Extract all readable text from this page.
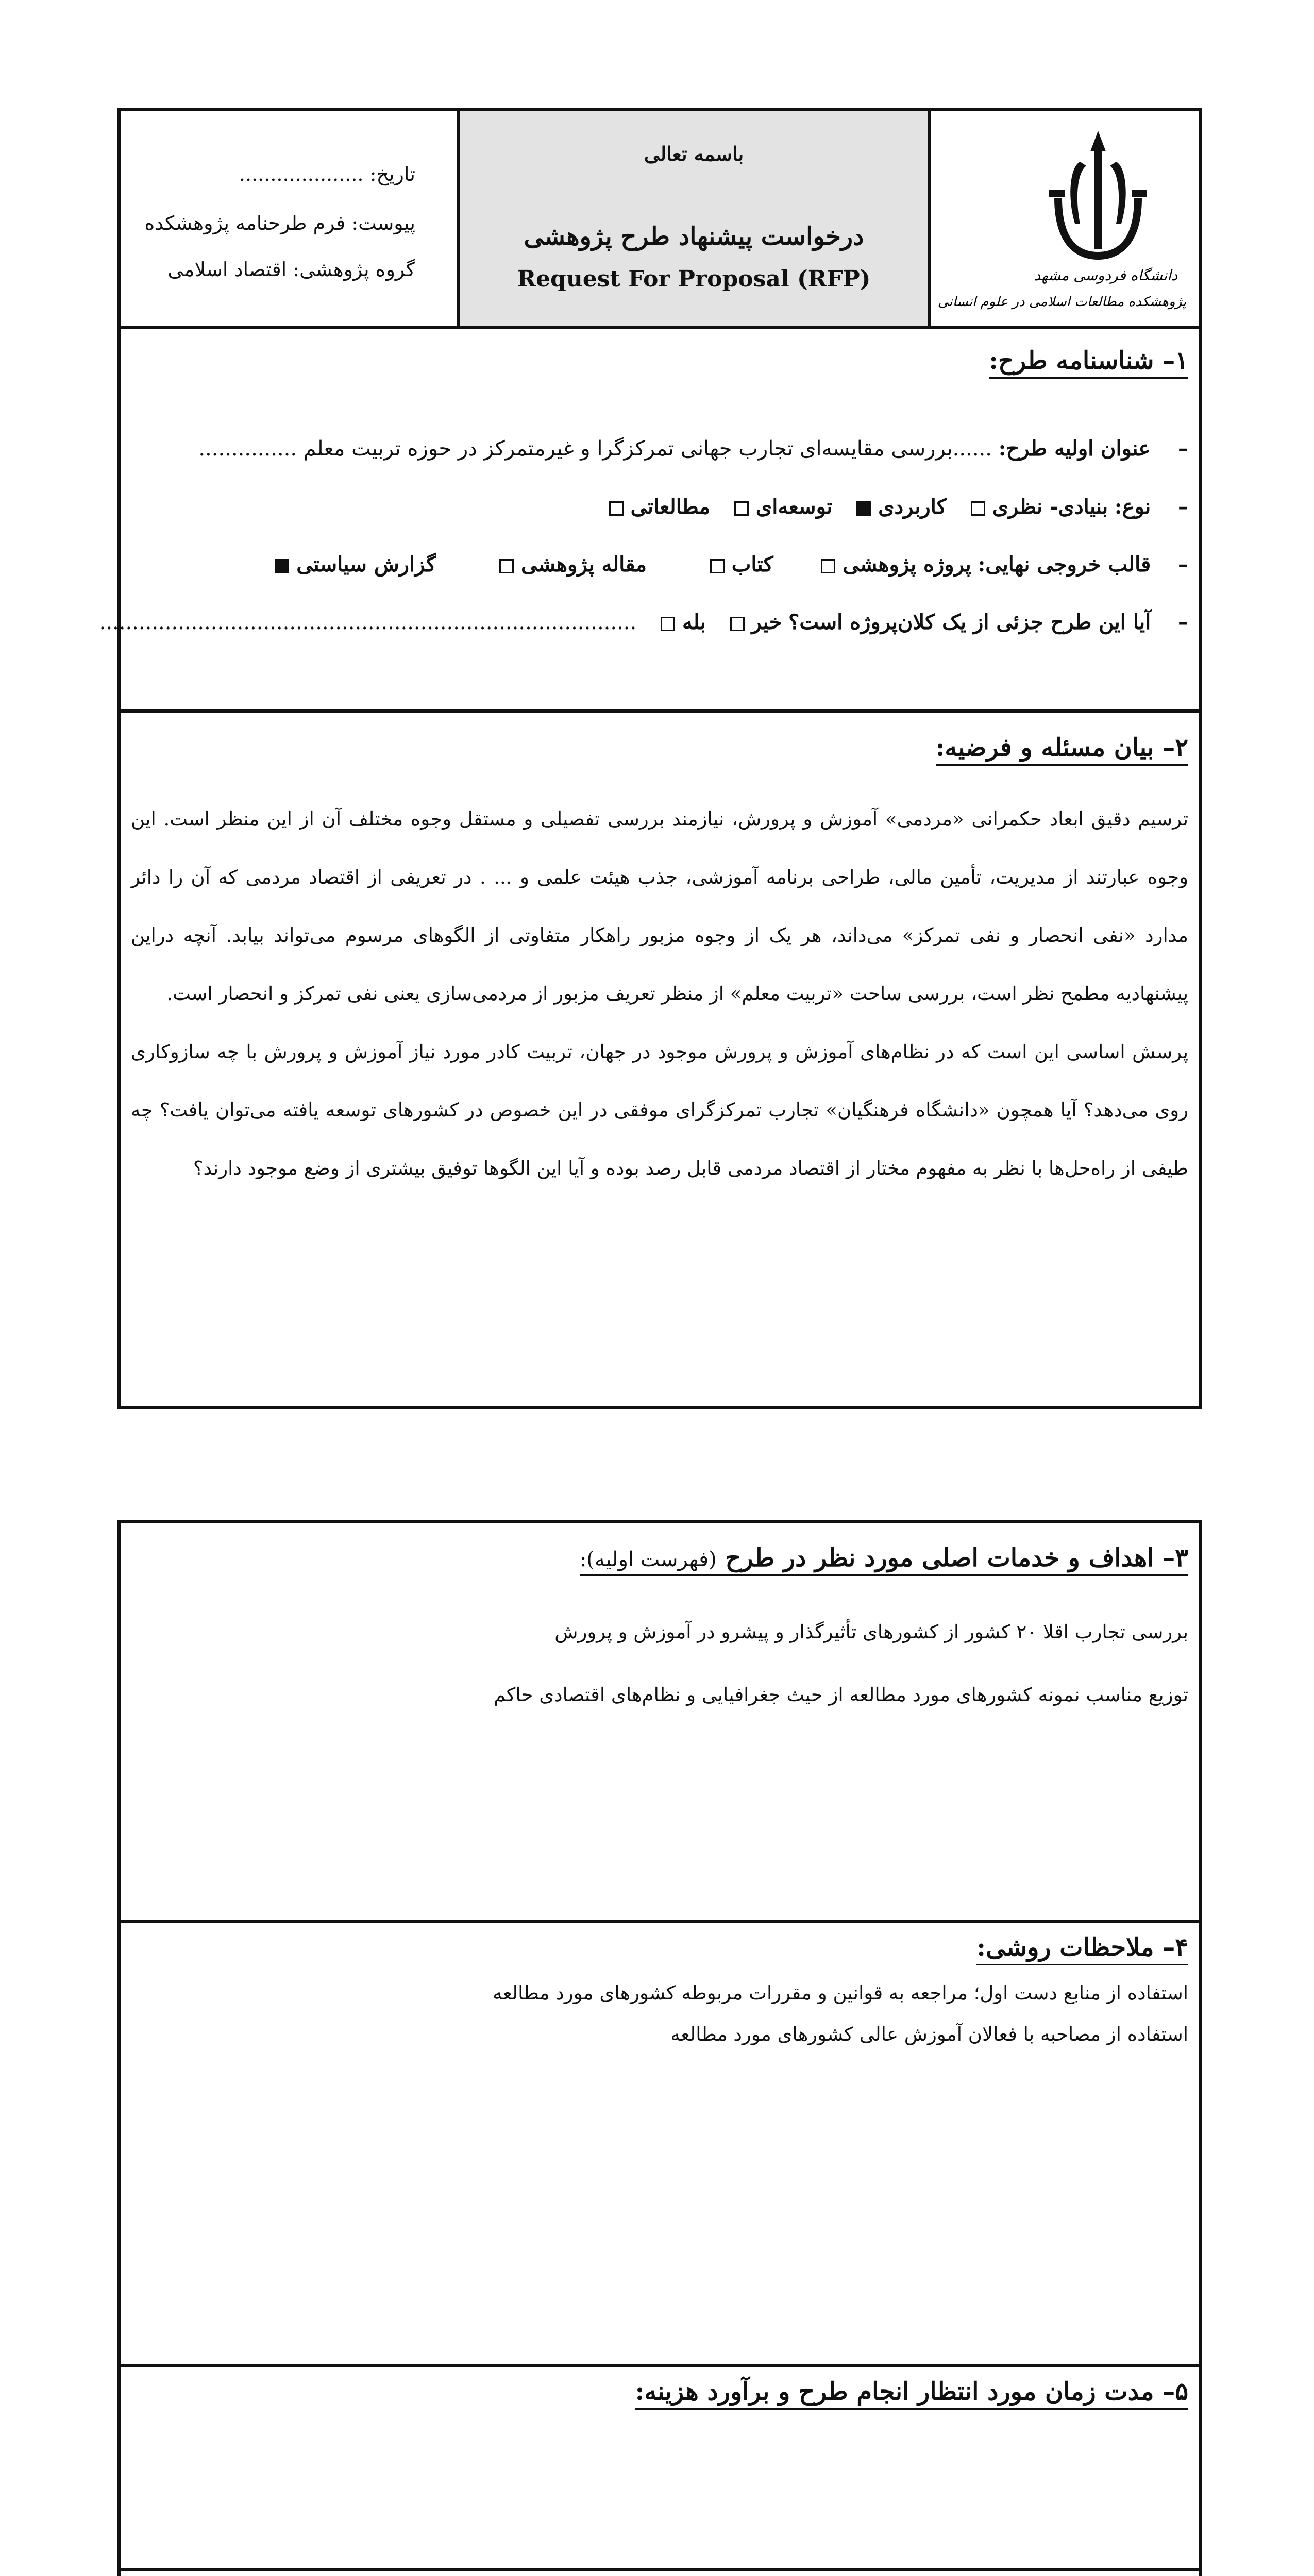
دانشگاه فردوسی مشهد
پژوهشکده مطالعات اسلامی در علوم انسانی
باسمه تعالی
درخواست پیشنهاد طرح پژوهشی
Request For Proposal (RFP)
تاریخ: ....................
پیوست: فرم طرحنامه پژوهشکده
گروه پژوهشی: اقتصاد اسلامی
۱– شناسنامه طرح:
– عنوان اولیه طرح: ......بررسی مقایسه‌ای تجارب جهانی تمرکزگرا و غیرمتمرکز در حوزه تربیت معلم ...............
– نوع: بنیادی- نظری کاربردی توسعه‌ای مطالعاتی
– قالب خروجی نهایی: پروژه پژوهشی کتاب مقاله پژوهشی گزارش سیاستی
– آیا این طرح جزئی از یک کلان‌پروژه است؟ خیر بله ..................................................................................
۲– بیان مسئله و فرضیه:
ترسیم دقیق ابعاد حکمرانی «مردمی» آموزش و پرورش، نیازمند بررسی تفصیلی و مستقل وجوه مختلف آن از این منظر است. این وجوه عبارتند از مدیریت، تأمین مالی، طراحی برنامه آموزشی، جذب هیئت علمی و ... . در تعریفی از اقتصاد مردمی که آن را دائر مدارد «نفی انحصار و نفی تمرکز» می‌داند، هر یک از وجوه مزبور راهکار متفاوتی از الگوهای مرسوم می‌تواند بیابد. آنچه دراین پیشنهادیه مطمح نظر است، بررسی ساحت «تربیت معلم» از منظر تعریف مزبور از مردمی‌سازی یعنی نفی تمرکز و انحصار است.
پرسش اساسی این است که در نظام‌های آموزش و پرورش موجود در جهان، تربیت کادر مورد نیاز آموزش و پرورش با چه سازوکاری روی می‌دهد؟ آیا همچون «دانشگاه فرهنگیان» تجارب تمرکزگرای موفقی در این خصوص در کشورهای توسعه یافته می‌توان یافت؟ چه طیفی از راه‌حل‌ها با نظر به مفهوم مختار از اقتصاد مردمی قابل رصد بوده و آیا این الگوها توفیق بیشتری از وضع موجود دارند؟
۳– اهداف و خدمات اصلی مورد نظر در طرح (فهرست اولیه):
بررسی تجارب اقلا ۲۰ کشور از کشورهای تأثیرگذار و پیشرو در آموزش و پرورش
توزیع مناسب نمونه کشورهای مورد مطالعه از حیث جغرافیایی و نظام‌های اقتصادی حاکم
۴– ملاحظات روشی:
استفاده از منابع دست اول؛ مراجعه به قوانین و مقررات مربوطه کشورهای مورد مطالعه
استفاده از مصاحبه با فعالان آموزش عالی کشورهای مورد مطالعه
۵– مدت زمان مورد انتظار انجام طرح و برآورد هزینه:
